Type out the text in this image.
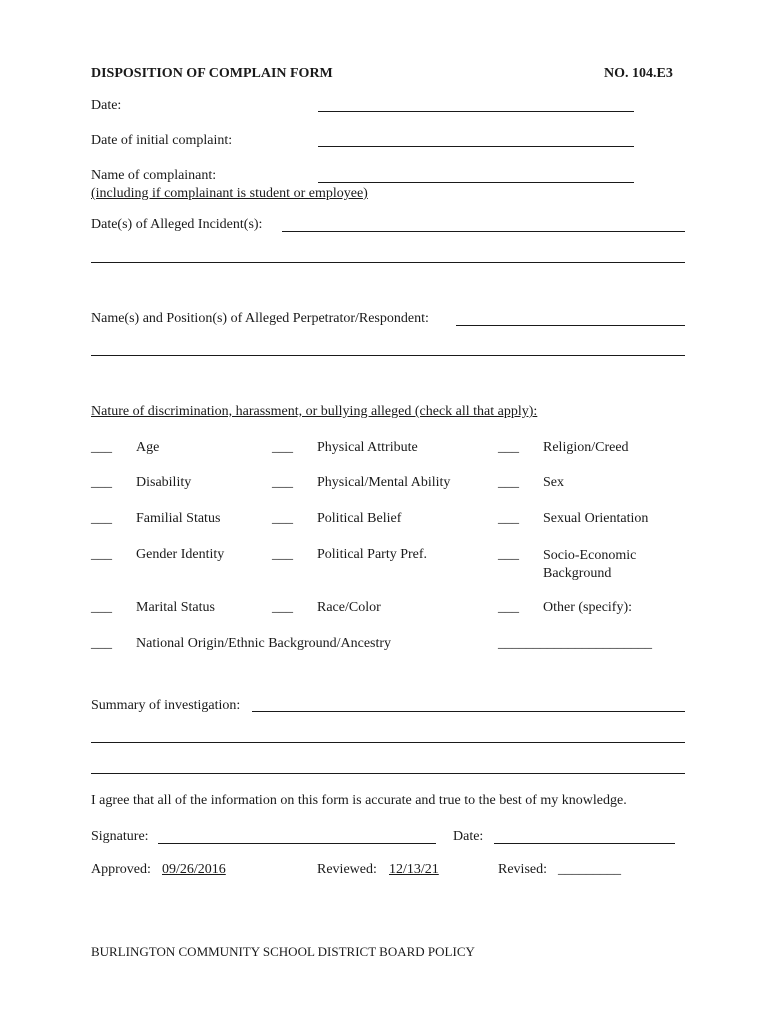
DISPOSITION OF COMPLAIN FORM	NO. 104.E3
Date:
Date of initial complaint:
Name of complainant:
(including if complainant is student or employee)
Date(s) of Alleged Incident(s):
Name(s) and Position(s) of Alleged Perpetrator/Respondent:
Nature of discrimination, harassment, or bullying alleged (check all that apply):
___ Age	___ Physical Attribute	___ Religion/Creed
___ Disability	___ Physical/Mental Ability	___ Sex
___ Familial Status	___ Political Belief	___ Sexual Orientation
___ Gender Identity	___ Political Party Pref.	___ Socio-Economic Background
___ Marital Status	___ Race/Color	___ Other (specify):
___ National Origin/Ethnic Background/Ancestry	______________________
Summary of investigation:
I agree that all of the information on this form is accurate and true to the best of my knowledge.
Signature:	Date:
Approved: 09/26/2016	Reviewed: 12/13/21	Revised: _________
BURLINGTON COMMUNITY SCHOOL DISTRICT BOARD POLICY
